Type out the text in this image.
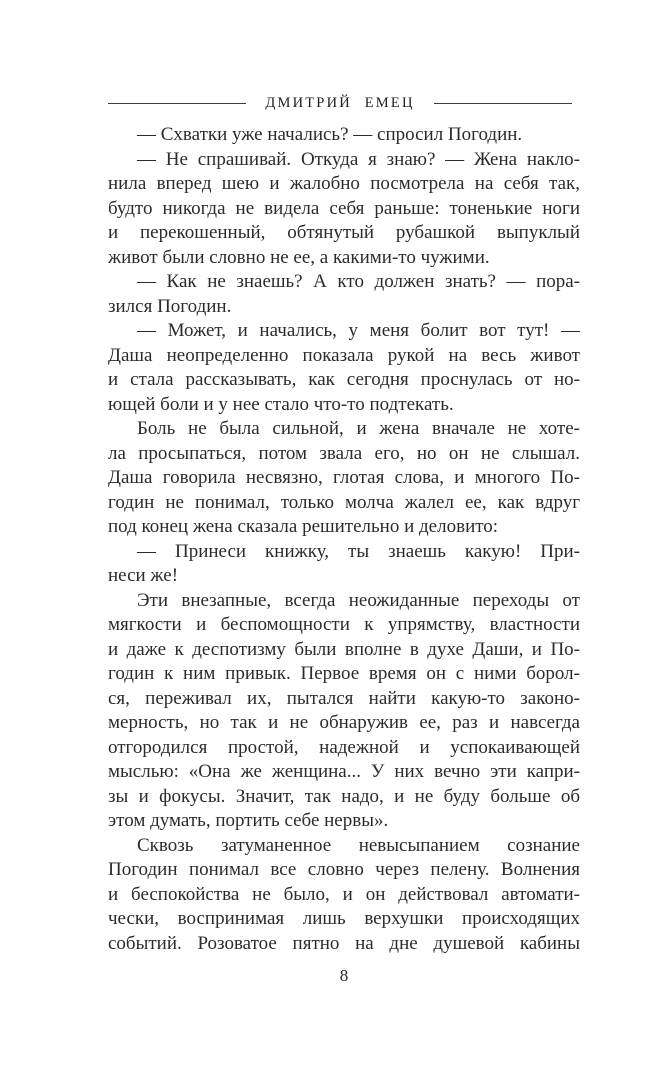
ДМИТРИЙ ЕМЕЦ
— Схватки уже начались? — спросил Погодин.
— Не спрашивай. Откуда я знаю? — Жена накло-
нила вперед шею и жалобно посмотрела на себя так,
будто никогда не видела себя раньше: тоненькие ноги
и перекошенный, обтянутый рубашкой выпуклый
живот были словно не ее, а какими-то чужими.
— Как не знаешь? А кто должен знать? — пора-
зился Погодин.
— Может, и начались, у меня болит вот тут! —
Даша неопределенно показала рукой на весь живот
и стала рассказывать, как сегодня проснулась от но-
ющей боли и у нее стало что-то подтекать.
Боль не была сильной, и жена вначале не хоте-
ла просыпаться, потом звала его, но он не слышал.
Даша говорила несвязно, глотая слова, и многого По-
годин не понимал, только молча жалел ее, как вдруг
под конец жена сказала решительно и деловито:
— Принеси книжку, ты знаешь какую! При-
неси же!
Эти внезапные, всегда неожиданные переходы от
мягкости и беспомощности к упрямству, властности
и даже к деспотизму были вполне в духе Даши, и По-
годин к ним привык. Первое время он с ними борол-
ся, переживал их, пытался найти какую-то законо-
мерность, но так и не обнаружив ее, раз и навсегда
отгородился простой, надежной и успокаивающей
мыслью: «Она же женщина... У них вечно эти капри-
зы и фокусы. Значит, так надо, и не буду больше об
этом думать, портить себе нервы».
Сквозь затуманенное невысыпанием сознание
Погодин понимал все словно через пелену. Волнения
и беспокойства не было, и он действовал автомати-
чески, воспринимая лишь верхушки происходящих
событий. Розоватое пятно на дне душевой кабины
8
